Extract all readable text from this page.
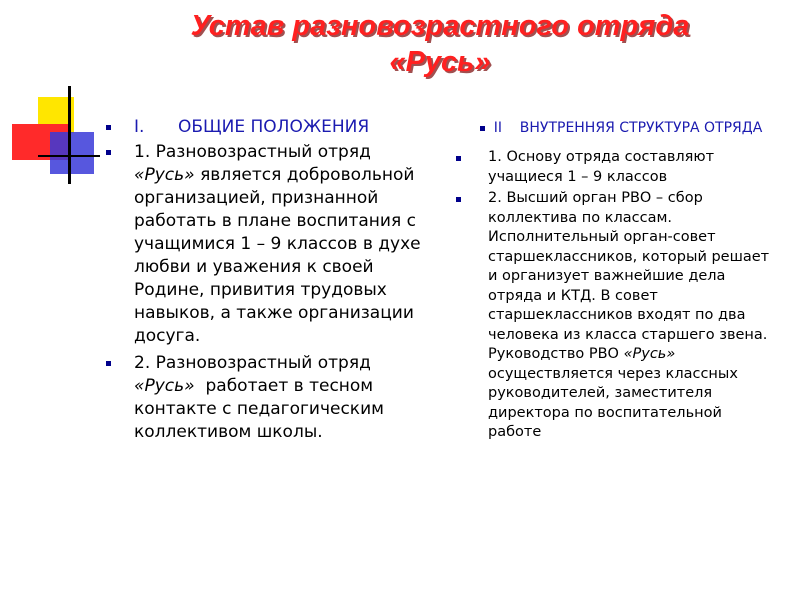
Устав разновозрастного отряда
«Русь»
I. ОБЩИЕ ПОЛОЖЕНИЯ
1. Разновозрастный отряд
«Русь» является добровольной организацией, признанной работать в плане воспитания с учащимися 1 – 9 классов в духе любви и уважения к своей Родине, привития трудовых навыков, а также организации досуга.
2. Разновозрастный отряд
«Русь» работает в тесном контакте с педагогическим коллективом школы.
II ВНУТРЕННЯЯ СТРУКТУРА ОТРЯДА
1. Основу отряда составляют учащиеся 1 – 9 классов
2. Высший орган РВО – сбор коллектива по классам. Исполнительный орган-совет старшеклассников, который решает и организует важнейшие дела отряда и КТД. В совет старшеклассников входят по два человека из класса старшего звена. Руководство РВО «Русь» осуществляется через классных руководителей, заместителя директора по воспитательной работе
